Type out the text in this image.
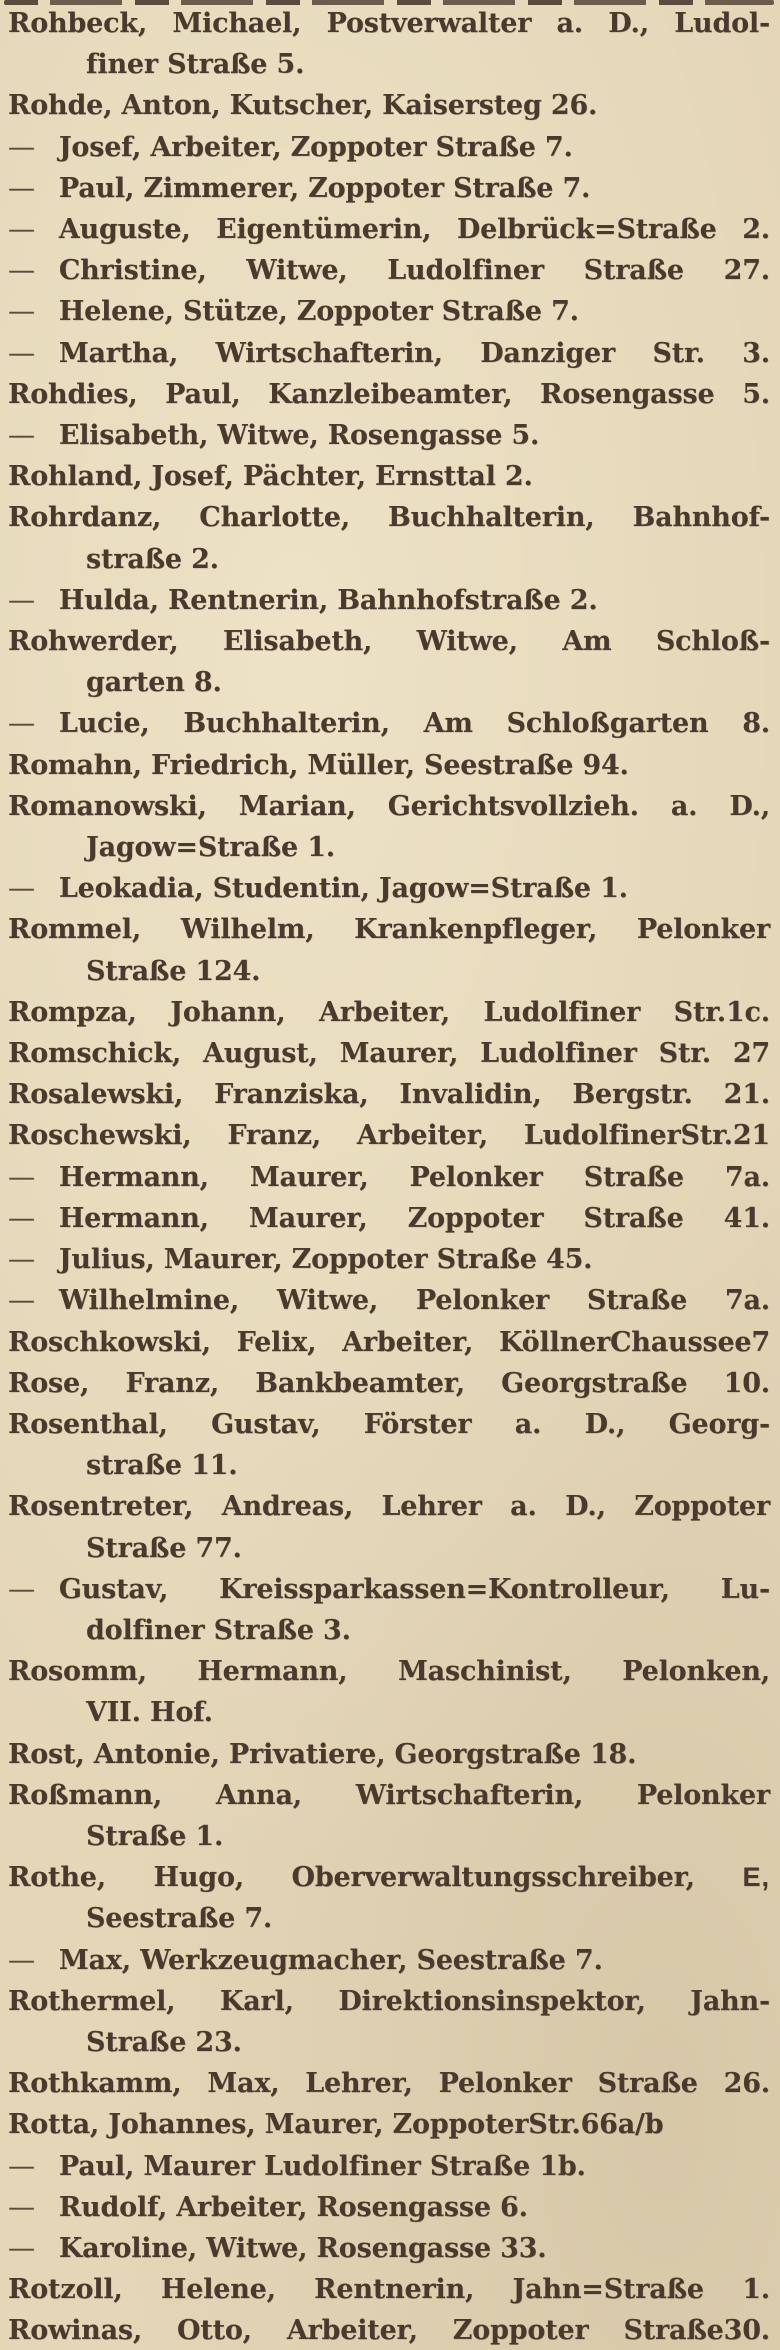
Rohbeck, Michael, Postverwalter a. D., Ludol-
finer Straße 5.
Rohde, Anton, Kutscher, Kaisersteg 26.
— Josef, Arbeiter, Zoppoter Straße 7.
— Paul, Zimmerer, Zoppoter Straße 7.
— Auguste, Eigentümerin, Delbrück=Straße 2.
— Christine, Witwe, Ludolfiner Straße 27.
— Helene, Stütze, Zoppoter Straße 7.
— Martha, Wirtschafterin, Danziger Str. 3.
Rohdies, Paul, Kanzleibeamter, Rosengasse 5.
— Elisabeth, Witwe, Rosengasse 5.
Rohland, Josef, Pächter, Ernsttal 2.
Rohrdanz, Charlotte, Buchhalterin, Bahnhof-
straße 2.
— Hulda, Rentnerin, Bahnhofstraße 2.
Rohwerder, Elisabeth, Witwe, Am Schloß-
garten 8.
— Lucie, Buchhalterin, Am Schloßgarten 8.
Romahn, Friedrich, Müller, Seestraße 94.
Romanowski, Marian, Gerichtsvollzieh. a. D.,
Jagow=Straße 1.
— Leokadia, Studentin, Jagow=Straße 1.
Rommel, Wilhelm, Krankenpfleger, Pelonker
Straße 124.
Rompza, Johann, Arbeiter, Ludolfiner Str.1c.
Romschick, August, Maurer, Ludolfiner Str. 27
Rosalewski, Franziska, Invalidin, Bergstr. 21.
Roschewski, Franz, Arbeiter, LudolfinerStr.21
— Hermann, Maurer, Pelonker Straße 7a.
— Hermann, Maurer, Zoppoter Straße 41.
— Julius, Maurer, Zoppoter Straße 45.
— Wilhelmine, Witwe, Pelonker Straße 7a.
Roschkowski, Felix, Arbeiter, KöllnerChaussee7
Rose, Franz, Bankbeamter, Georgstraße 10.
Rosenthal, Gustav, Förster a. D., Georg-
straße 11.
Rosentreter, Andreas, Lehrer a. D., Zoppoter
Straße 77.
— Gustav, Kreissparkassen=Kontrolleur, Lu-
dolfiner Straße 3.
Rosomm, Hermann, Maschinist, Pelonken,
VII. Hof.
Rost, Antonie, Privatiere, Georgstraße 18.
Roßmann, Anna, Wirtschafterin, Pelonker
Straße 1.
Rothe, Hugo, Oberverwaltungsschreiber, E,
Seestraße 7.
— Max, Werkzeugmacher, Seestraße 7.
Rothermel, Karl, Direktionsinspektor, Jahn-
Straße 23.
Rothkamm, Max, Lehrer, Pelonker Straße 26.
Rotta, Johannes, Maurer, ZoppoterStr.66a/b
— Paul, Maurer Ludolfiner Straße 1b.
— Rudolf, Arbeiter, Rosengasse 6.
— Karoline, Witwe, Rosengasse 33.
Rotzoll, Helene, Rentnerin, Jahn=Straße 1.
Rowinas, Otto, Arbeiter, Zoppoter Straße30.
